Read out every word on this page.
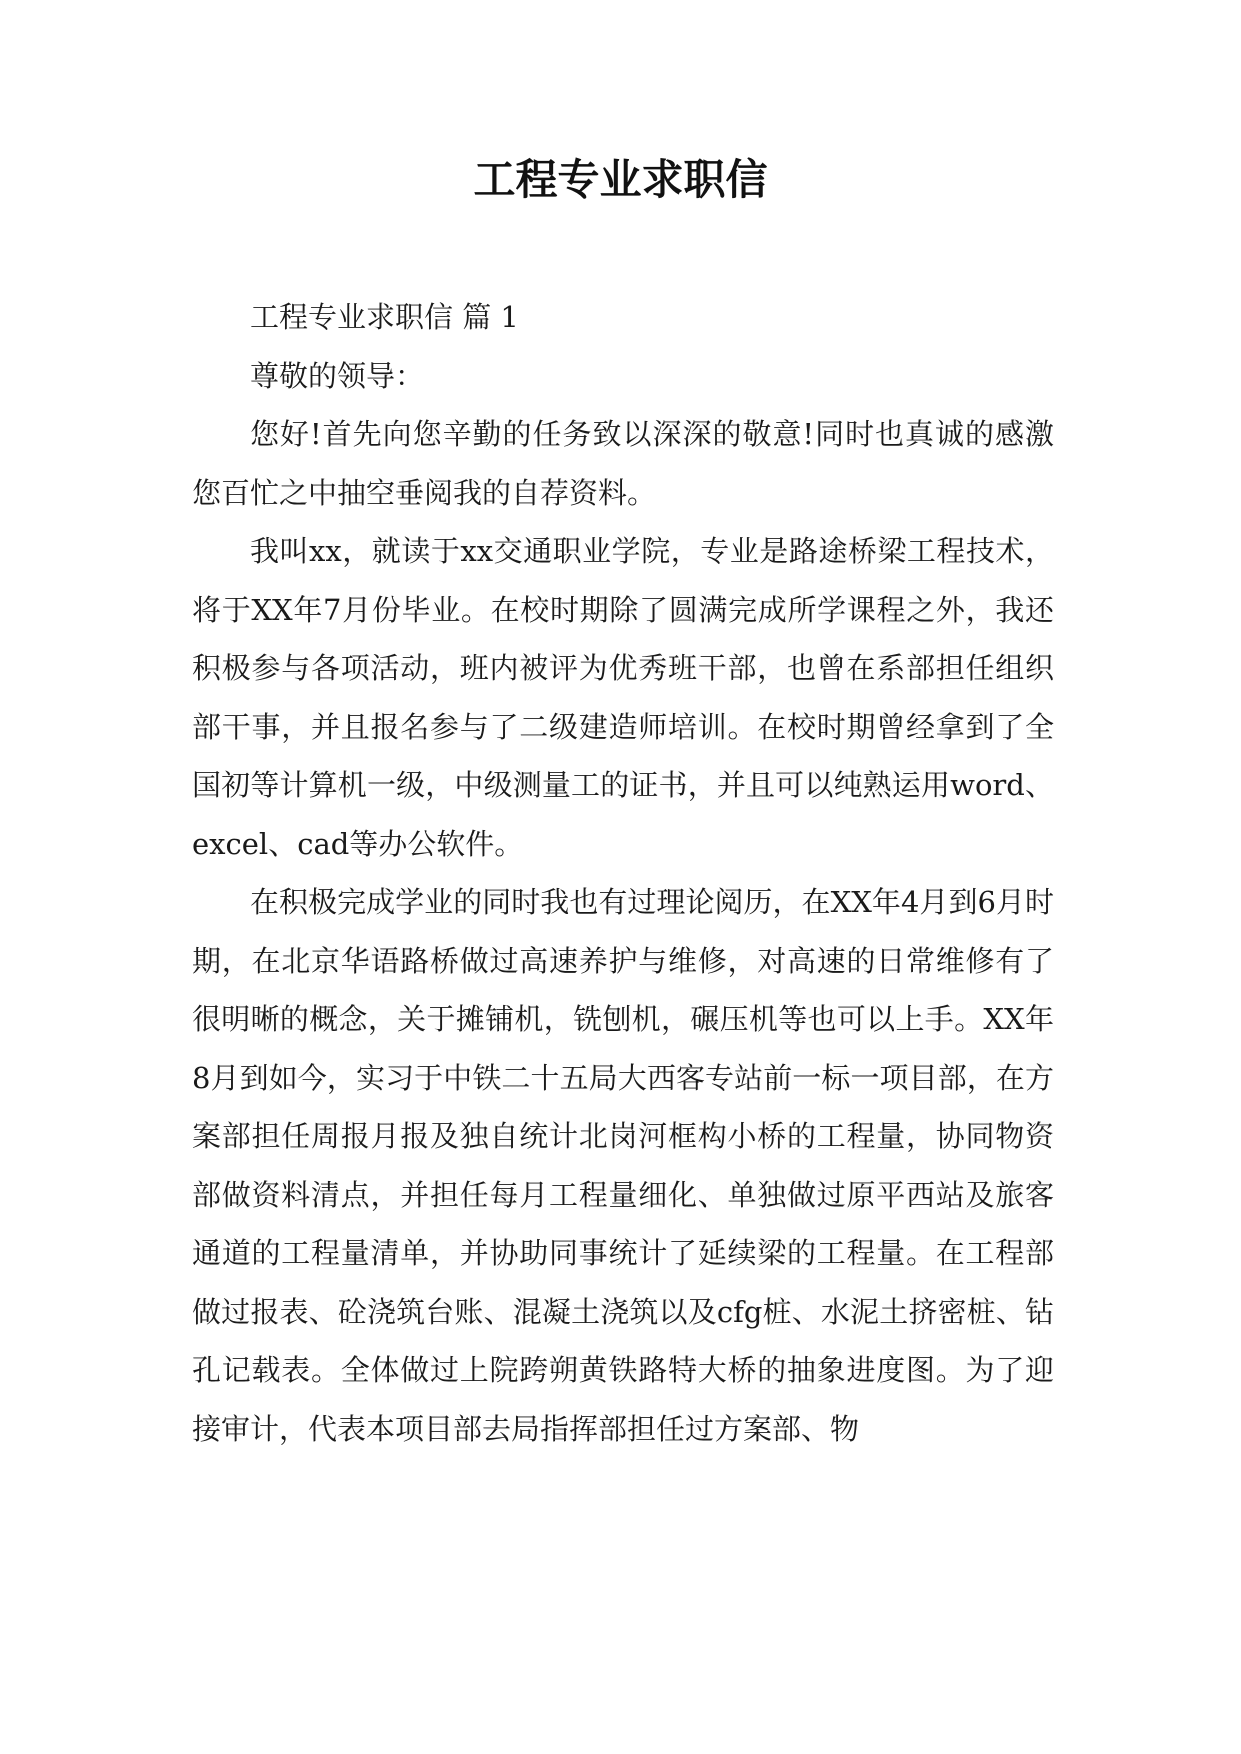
工程专业求职信

工程专业求职信 篇 1

尊敬的领导：

您好!首先向您辛勤的任务致以深深的敬意!同时也真诚的感激您百忙之中抽空垂阅我的自荐资料。

我叫xx，就读于xx交通职业学院，专业是路途桥梁工程技术，将于XX年7月份毕业。在校时期除了圆满完成所学课程之外，我还积极参与各项活动，班内被评为优秀班干部，也曾在系部担任组织部干事，并且报名参与了二级建造师培训。在校时期曾经拿到了全国初等计算机一级，中级测量工的证书，并且可以纯熟运用word、excel、cad等办公软件。

在积极完成学业的同时我也有过理论阅历，在XX年4月到6月时期，在北京华语路桥做过高速养护与维修，对高速的日常维修有了很明晰的概念，关于摊铺机，铣刨机，碾压机等也可以上手。XX年8月到如今，实习于中铁二十五局大西客专站前一标一项目部，在方案部担任周报月报及独自统计北岗河框构小桥的工程量，协同物资部做资料清点，并担任每月工程量细化、单独做过原平西站及旅客通道的工程量清单，并协助同事统计了延续梁的工程量。在工程部做过报表、砼浇筑台账、混凝土浇筑以及cfg桩、水泥土挤密桩、钻孔记载表。全体做过上院跨朔黄铁路特大桥的抽象进度图。为了迎接审计，代表本项目部去局指挥部担任过方案部、物
